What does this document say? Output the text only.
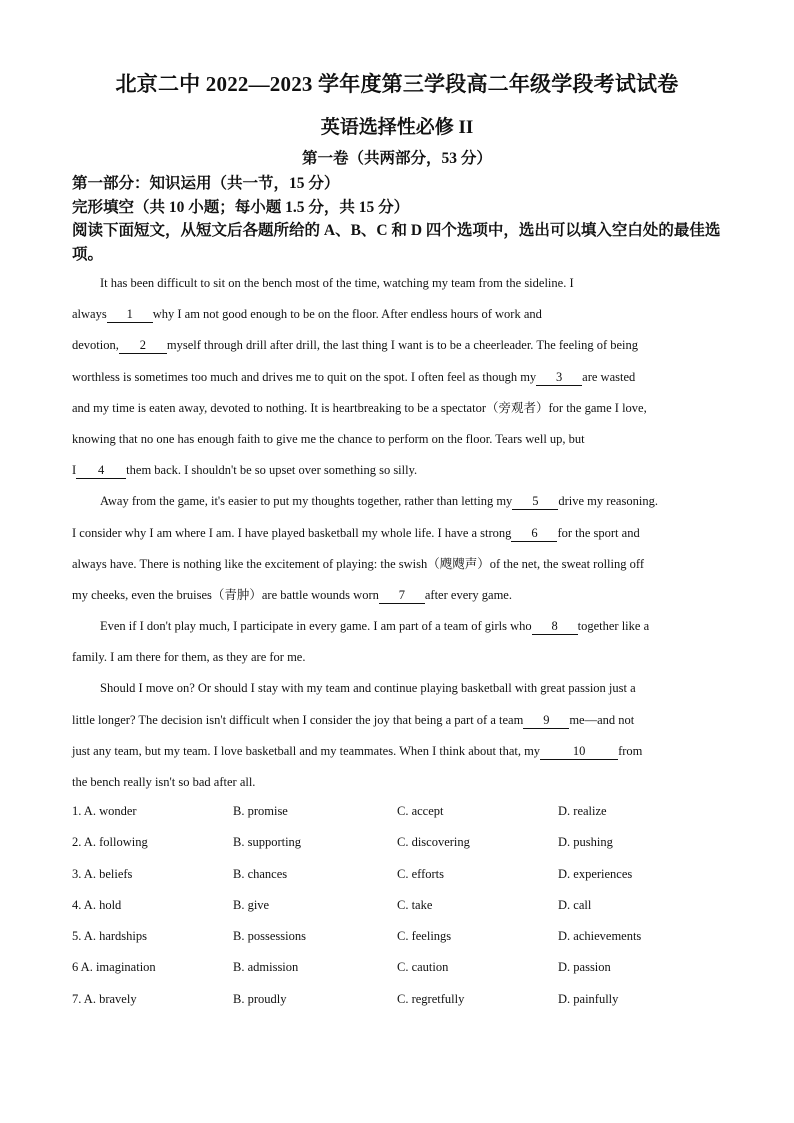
北京二中 2022—2023 学年度第三学段高二年级学段考试试卷
英语选择性必修 II
第一卷（共两部分，53 分）
第一部分：知识运用（共一节，15 分）
完形填空（共 10 小题；每小题 1.5 分，共 15 分）
阅读下面短文，从短文后各题所给的 A、B、C 和 D 四个选项中，选出可以填入空白处的最佳选项。
It has been difficult to sit on the bench most of the time, watching my team from the sideline. I
always 1 why I am not good enough to be on the floor. After endless hours of work and
devotion, 2 myself through drill after drill, the last thing I want is to be a cheerleader. The feeling of being
worthless is sometimes too much and drives me to quit on the spot. I often feel as though my 3 are wasted
and my time is eaten away, devoted to nothing. It is heartbreaking to be a spectator（旁观者）for the game I love,
knowing that no one has enough faith to give me the chance to perform on the floor. Tears well up, but
I 4 them back. I shouldn't be so upset over something so silly.
Away from the game, it's easier to put my thoughts together, rather than letting my 5 drive my reasoning.
I consider why I am where I am. I have played basketball my whole life. I have a strong 6 for the sport and
always have. There is nothing like the excitement of playing: the swish（飕飕声）of the net, the sweat rolling off
my cheeks, even the bruises（青肿）are battle wounds worn 7 after every game.
Even if I don't play much, I participate in every game. I am part of a team of girls who 8 together like a
family. I am there for them, as they are for me.
Should I move on? Or should I stay with my team and continue playing basketball with great passion just a
little longer? The decision isn't difficult when I consider the joy that being a part of a team 9 me—and not
just any team, but my team. I love basketball and my teammates. When I think about that, my	10	from
the bench really isn't so bad after all.
1. A. wonder	B. promise	C. accept	D. realize
2. A. following	B. supporting	C. discovering	D. pushing
3. A. beliefs	B. chances	C. efforts	D. experiences
4. A. hold	B. give	C. take	D. call
5. A. hardships	B. possessions	C. feelings	D. achievements
6 A. imagination	B. admission	C. caution	D. passion
7. A. bravely	B. proudly	C. regretfully	D. painfully
